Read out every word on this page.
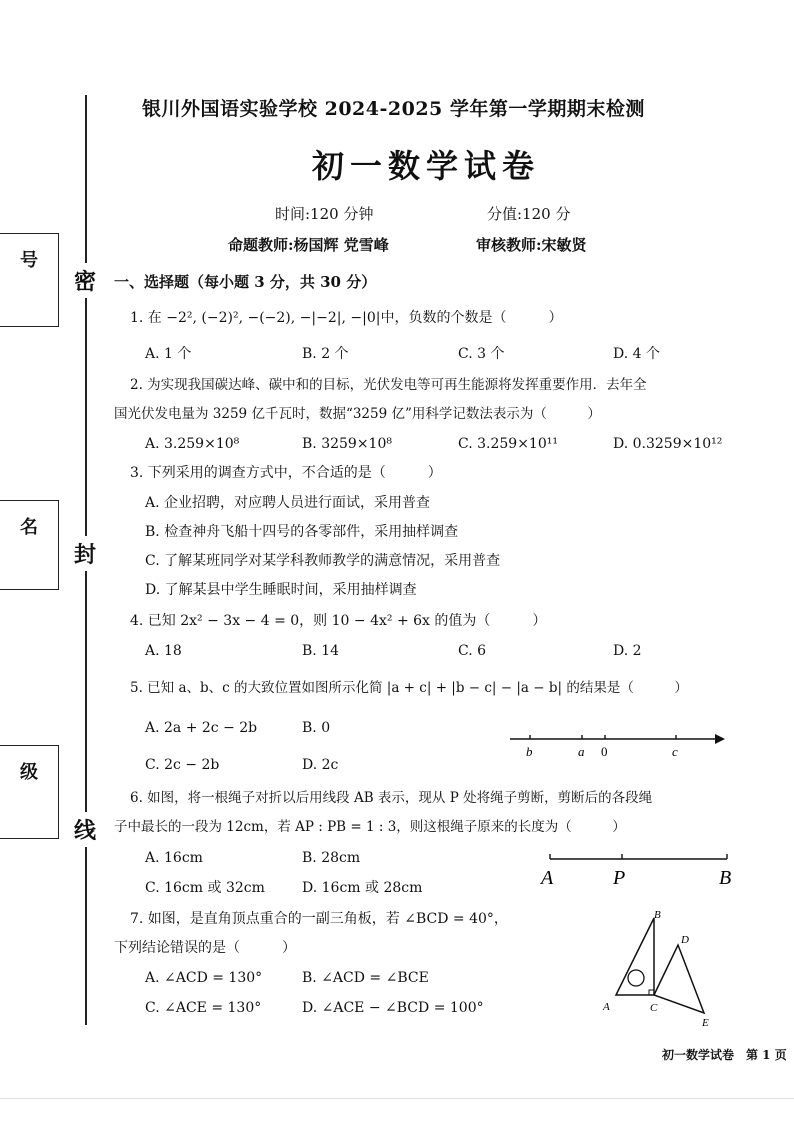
号
名
级
密
封
线
银川外国语实验学校 2024-2025 学年第一学期期末检测
初一数学试卷
时间:120 分钟	分值:120 分
命题教师:杨国辉 党雪峰	审核教师:宋敏贤
一、选择题（每小题 3 分，共 30 分）
1. 在 −2², (−2)², −(−2), −|−2|, −|0|中，负数的个数是（　　　）
A. 1 个	B. 2 个	C. 3 个	D. 4 个
2. 为实现我国碳达峰、碳中和的目标，光伏发电等可再生能源将发挥重要作用．去年全
国光伏发电量为 3259 亿千瓦时，数据“3259 亿”用科学记数法表示为（　　　）
A. 3.259×10⁸	B. 3259×10⁸	C. 3.259×10¹¹	D. 0.3259×10¹²
3. 下列采用的调查方式中，不合适的是（　　　）
A. 企业招聘，对应聘人员进行面试，采用普查
B. 检查神舟飞船十四号的各零部件，采用抽样调查
C. 了解某班同学对某学科教师教学的满意情况，采用普查
D. 了解某县中学生睡眠时间，采用抽样调查
4. 已知 2x² − 3x − 4 = 0，则 10 − 4x² + 6x 的值为（　　　）
A. 18	B. 14	C. 6	D. 2
5. 已知 a、b、c 的大致位置如图所示化简 |a + c| + |b − c| − |a − b| 的结果是（　　　）
A. 2a + 2c − 2b	B. 0
C. 2c − 2b	D. 2c
b	a 0	c
6. 如图，将一根绳子对折以后用线段 AB 表示，现从 P 处将绳子剪断，剪断后的各段绳
子中最长的一段为 12cm，若 AP : PB = 1 : 3，则这根绳子原来的长度为（　　　）
A. 16cm	B. 28cm
C. 16cm 或 32cm	D. 16cm 或 28cm	A	P	B
7. 如图，是直角顶点重合的一副三角板，若 ∠BCD = 40°，
下列结论错误的是（　　　）
A. ∠ACD = 130°	B. ∠ACD = ∠BCE
C. ∠ACE = 130°	D. ∠ACE − ∠BCD = 100°
B
D
A	C
E
初一数学试卷　第 1 页
